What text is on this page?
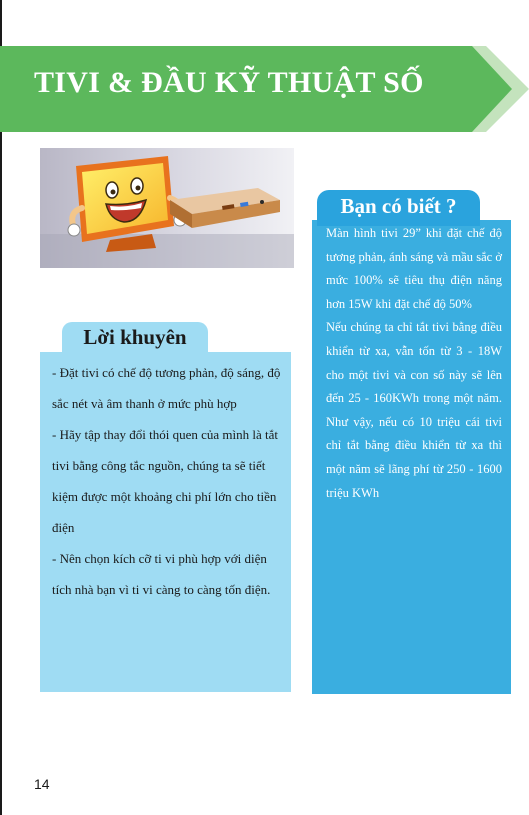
TIVI & ĐẦU KỸ THUẬT SỐ
Lời khuyên

- Đặt tivi có chế độ tương phản, độ sáng, độ sắc nét và âm thanh ở mức phù hợp

- Hãy tập thay đổi thói quen của mình là tắt tivi bằng công tắc nguồn, chúng ta sẽ tiết kiệm được một khoảng chi phí lớn cho tiền điện

- Nên chọn kích cỡ ti vi phù hợp với diện tích nhà bạn vì ti vi càng to càng tốn điện.

Bạn có biết ?

Màn hình tivi 29” khi đặt chế độ tương phản, ánh sáng và mầu sắc ở mức 100% sẽ tiêu thụ điện năng hơn 15W khi đặt chế độ 50%

Nếu chúng ta chỉ tắt tivi bằng điều khiển từ xa, vẫn tốn từ 3 - 18W cho một tivi và con số này sẽ lên đến 25 - 160KWh trong một năm. Như vậy, nếu có 10 triệu cái tivi chỉ tắt bằng điều khiển từ xa thì một năm sẽ lãng phí từ 250 - 1600 triệu KWh

14
